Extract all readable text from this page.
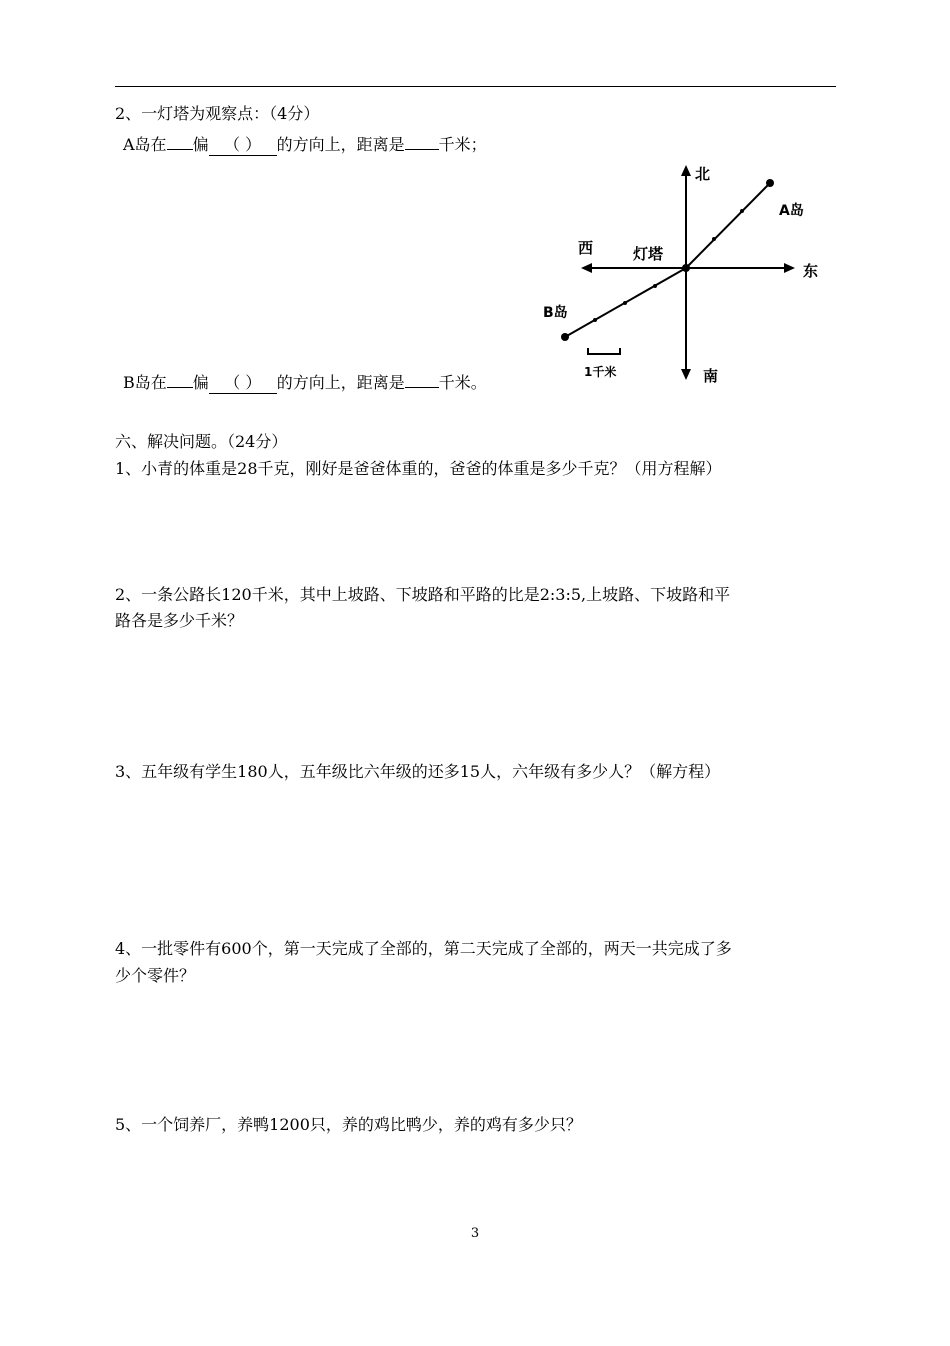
2、一灯塔为观察点：（4分）
A岛在 偏 （ ） 的方向上，距离是 千米；
B岛在 偏 （ ） 的方向上，距离是 千米。
北
南
东
西	灯塔
A岛
B岛
1千米
六、解决问题。（24分）
1、小青的体重是28千克，刚好是爸爸体重的，爸爸的体重是多少千克？（用方程解）
2、一条公路长120千米，其中上坡路、下坡路和平路的比是2:3:5,上坡路、下坡路和平
路各是多少千米？
3、五年级有学生180人，五年级比六年级的还多15人，六年级有多少人？（解方程）
4、一批零件有600个，第一天完成了全部的，第二天完成了全部的，两天一共完成了多
少个零件？
5、一个饲养厂，养鸭1200只，养的鸡比鸭少，养的鸡有多少只？
3
